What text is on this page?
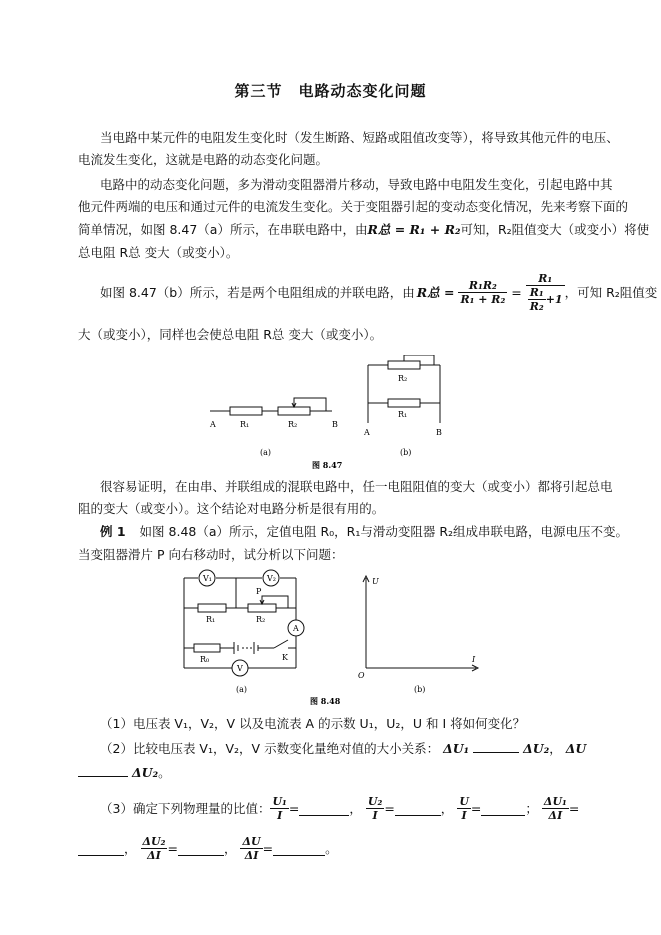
第三节　电路动态变化问题
当电路中某元件的电阻发生变化时（发生断路、短路或阻值改变等），将导致其他元件的电压、
电流发生变化，这就是电路的动态变化问题。
电路中的动态变化问题，多为滑动变阻器滑片移动，导致电路中电阻发生变化，引起电路中其
他元件两端的电压和通过元件的电流发生变化。关于变阻器引起的变动态变化情况，先来考察下面的
简单情况，如图 8.47（a）所示，在串联电路中，由R总 = R₁ + R₂可知，R₂阻值变大（或变小）将使
总电阻 R总 变大（或变小）。
如图 8.47（b）所示，若是两个电阻组成的并联电路，由 R总 = $\frac{\text{R₁R₂}}{\text{R₁ + R₂}} = \frac{\text{R₁}}{\frac{\text{R₁}}{\text{R₂}} +1}$ ，可知 R₂阻值变
大（或变小），同样也会使总电阻 R总 变大（或变小）。
A	R₁	R₂	B
(a)
R₂
R₁
A	B
(b)
图 8.47
很容易证明，在由串、并联组成的混联电路中，任一电阻阻值的变大（或变小）都将引起总电
阻的变大（或变小）。这个结论对电路分析是很有用的。
例 1 如图 8.48（a）所示，定值电阻 R₀，R₁与滑动变阻器 R₂组成串联电路，电源电压不变。
当变阻器滑片 P 向右移动时，试分析以下问题：
V₁	V₂
A
V
P
R₁	R₂
R₀	K
(a)
U
I
O
(b)
图 8.48
（1）电压表 V₁，V₂，V 以及电流表 A 的示数 U₁，U₂，U 和 I 将如何变化？
（2）比较电压表 V₁，V₂，V 示数变化量绝对值的大小关系： ΔU₁	ΔU₂， ΔU
ΔU₂。
（3）确定下列物理量的比值： $\frac{\text{U₁}}{I}$ =	， $\frac{\text{U₂}}{I}$ =	， $\frac{U}{I}$ =	； $\frac{\text{ΔU₁}}{\Delta I}$ =
， $\frac{\text{ΔU₂}}{\Delta I}$ =	， $\frac{\Delta U}{\Delta I}$ =	。
